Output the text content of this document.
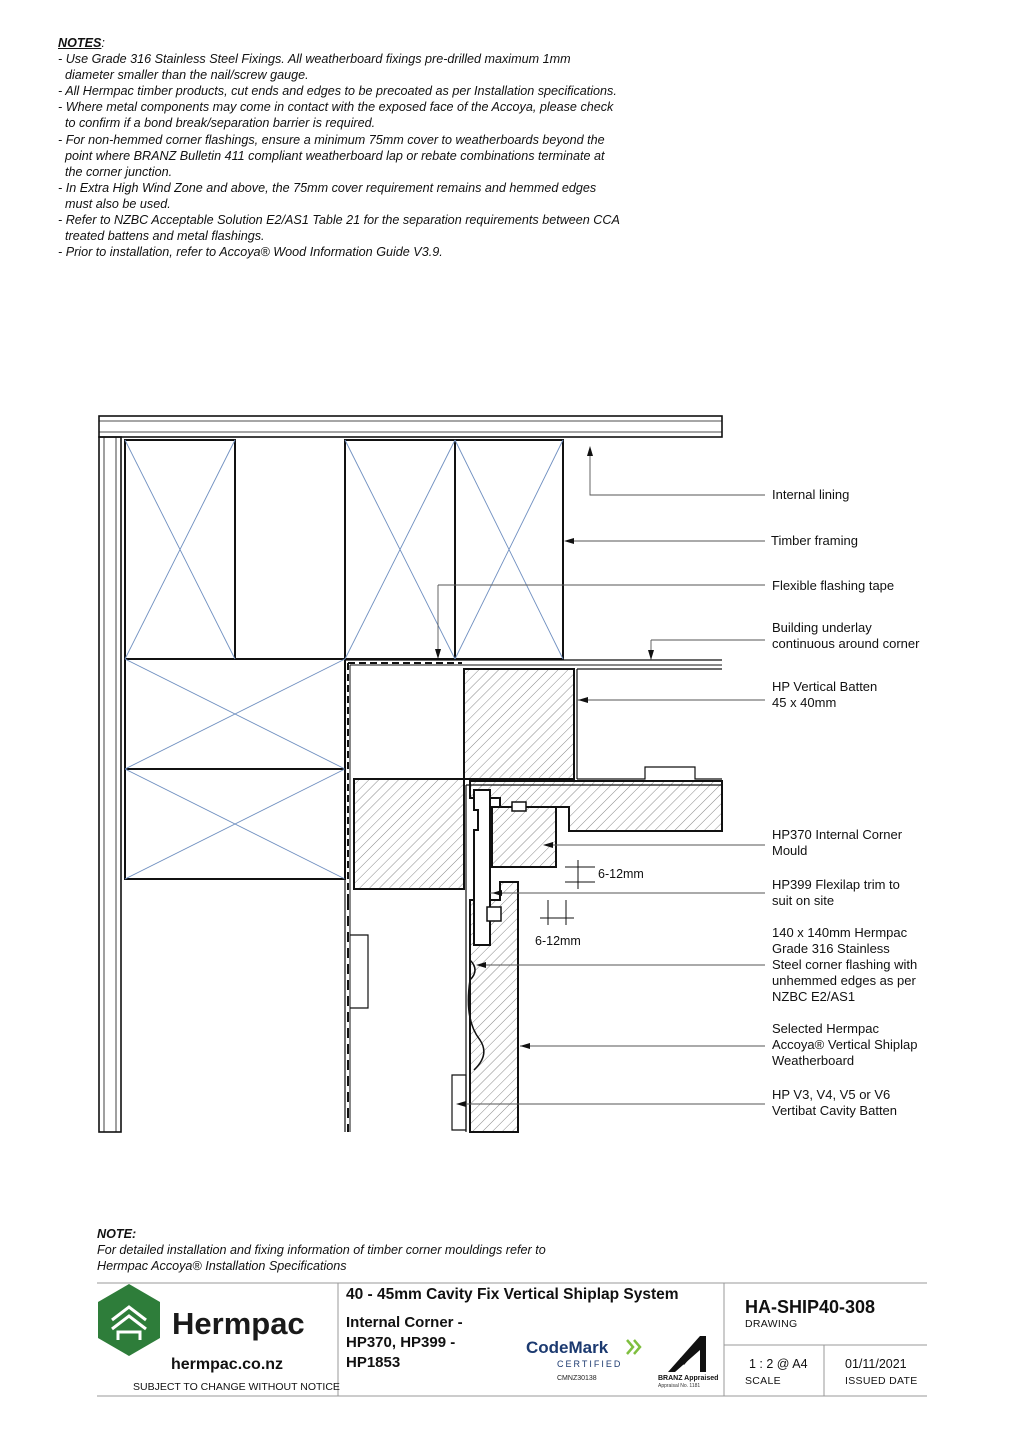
NOTES:
- Use Grade 316 Stainless Steel Fixings. All weatherboard fixings pre-drilled maximum 1mm
diameter smaller than the nail/screw gauge.
- All Hermpac timber products, cut ends and edges to be precoated as per Installation specifications.
- Where metal components may come in contact with the exposed face of the Accoya, please check
to confirm if a bond break/separation barrier is required.
- For non-hemmed corner flashings, ensure a minimum 75mm cover to weatherboards beyond the
point where BRANZ Bulletin 411 compliant weatherboard lap or rebate combinations terminate at
the corner junction.
- In Extra High Wind Zone and above, the 75mm cover requirement remains and hemmed edges
must also be used.
- Refer to NZBC Acceptable Solution E2/AS1 Table 21 for the separation requirements between CCA
treated battens and metal flashings.
- Prior to installation, refer to Accoya® Wood Information Guide V3.9.
Internal lining
Timber framing
Flexible flashing tape
Building underlay
continuous around corner
HP Vertical Batten
45 x 40mm
HP370 Internal Corner
Mould
HP399 Flexilap trim to
suit on site
140 x 140mm Hermpac
Grade 316 Stainless
Steel corner flashing with
unhemmed edges as per
NZBC E2/AS1
Selected Hermpac
Accoya® Vertical Shiplap
Weatherboard
HP V3, V4, V5 or V6
Vertibat Cavity Batten
6-12mm
6-12mm
NOTE:
For detailed installation and fixing information of timber corner mouldings refer to
Hermpac Accoya® Installation Specifications
Hermpac
hermpac.co.nz
SUBJECT TO CHANGE WITHOUT NOTICE
40 - 45mm Cavity Fix Vertical Shiplap System
Internal Corner - HP370, HP399 - HP1853
CodeMark
CERTIFIED
CMNZ30138	BRANZ Appraised
Appraisal No. 1181
HA-SHIP40-308
DRAWING
1 : 2 @ A4
SCALE
01/11/2021
ISSUED DATE
